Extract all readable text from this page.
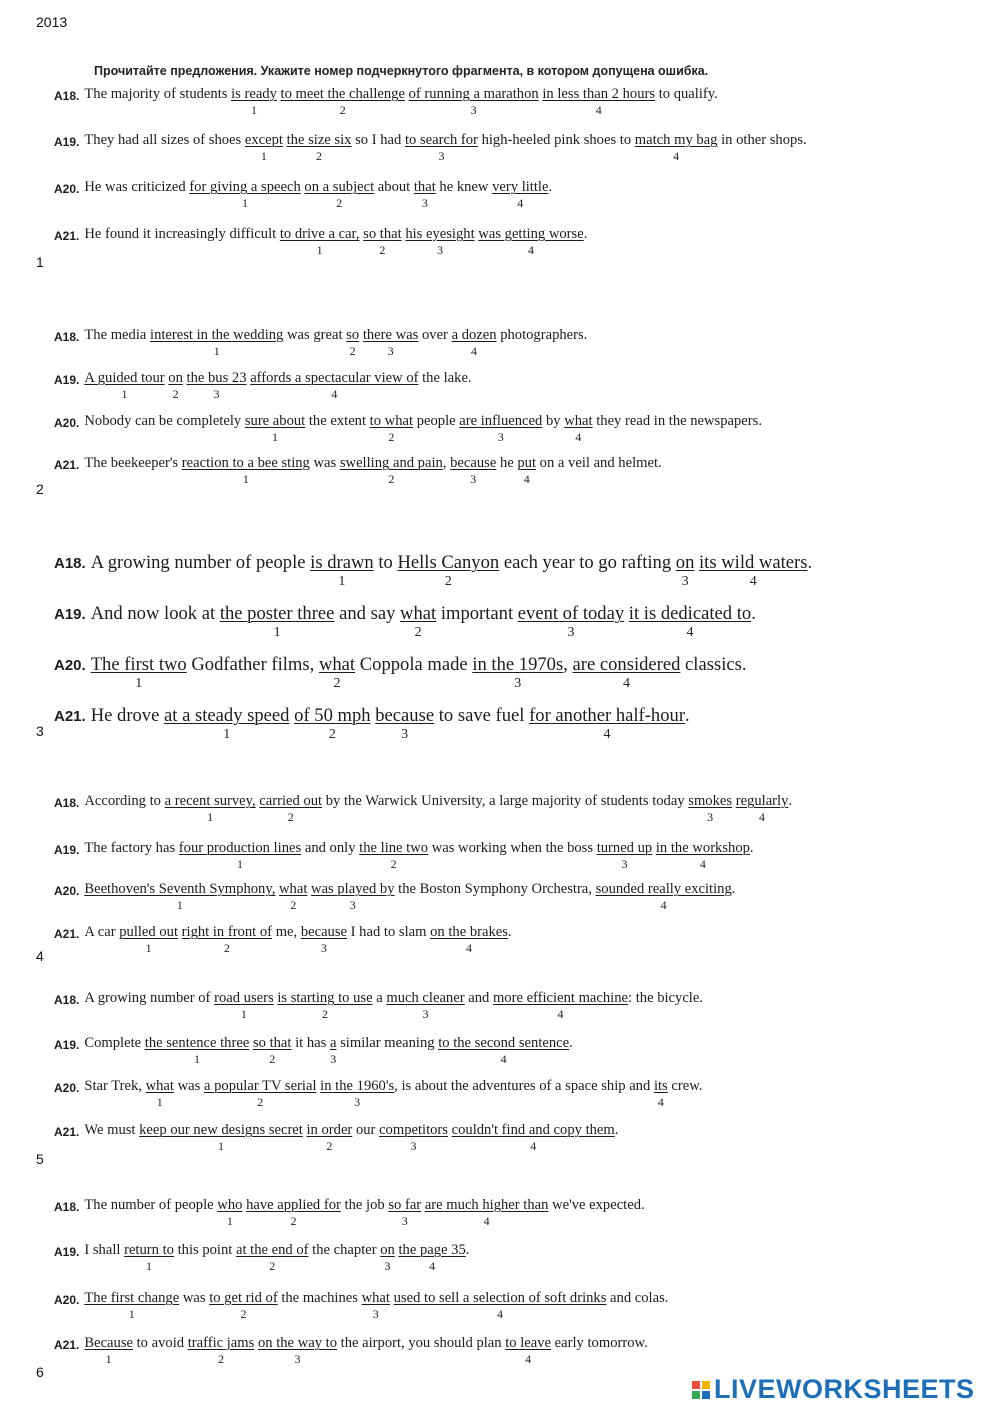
2013
Прочитайте предложения. Укажите номер подчеркнутого фрагмента, в котором допущена ошибка.
A18. The majority of students is ready
1

to meet the challenge
2

of running a marathon
3

in less than 2 hours
4
to qualify.
A19. They had all sizes of shoes except
1

the size six
2
so I had to search for
3
high-heeled pink shoes to match my bag
4
in other shops.
A20. He was criticized for giving a speech
1

on a subject
2
about that
3
he knew very little
4
.
A21. He found it increasingly difficult to drive a car,
1

so that
2

his eyesight
3

was getting worse
4
.
1
A18. The media interest in the wedding
1
was great so
2

there was
3
over a dozen
4
photographers.
A19. A guided tour
1

on
2

the bus 23
3

affords a spectacular view of
4
the lake.
A20. Nobody can be completely sure about
1
the extent to what
2
people are influenced
3
by what
4
they read in the newspapers.
A21. The beekeeper's reaction to a bee sting
1
was swelling and pain
2
, because
3
he put
4
on a veil and helmet.
2
A18. A growing number of people is drawn
1
to Hells Canyon
2
each year to go rafting on
3

its wild waters
4
.
A19. And now look at the poster three
1
and say what
2
important event of today
3

it is dedicated to
4
.
A20. The first two
1
Godfather films, what
2
Coppola made in the 1970s
3
, are considered
4
classics.
A21. He drove at a steady speed
1

of 50 mph
2

because
3
to save fuel for another half-hour
4
.
3
A18. According to a recent survey,
1

carried out
2
by the Warwick University, a large majority of students today smokes
3

regularly
4
.
A19. The factory has four production lines
1
and only the line two
2
was working when the boss turned up
3

in the workshop
4
.
A20. Beethoven's Seventh Symphony,
1

what
2

was played by
3
the Boston Symphony Orchestra, sounded really exciting
4
.
A21. A car pulled out
1

right in front of
2
me, because
3
I had to slam on the brakes
4
.
4
A18. A growing number of road users
1

is starting to use
2
a much cleaner
3
and more efficient machine
4
: the bicycle.
A19. Complete the sentence three
1

so that
2
it has a
3
similar meaning to the second sentence
4
.
A20. Star Trek, what
1
was a popular TV serial
2

in the 1960's
3
, is about the adventures of a space ship and its
4
crew.
A21. We must keep our new designs secret
1

in order
2
our competitors
3

couldn't find and copy them
4
.
5
A18. The number of people who
1

have applied for
2
the job so far
3

are much higher than
4
we've expected.
A19. I shall return to
1
this point at the end of
2
the chapter on
3

the page 35
4
.
A20. The first change
1
was to get rid of
2
the machines what
3

used to sell a selection of soft drinks
4
and colas.
A21. Because
1
to avoid traffic jams
2

on the way to
3
the airport, you should plan to leave
4
early tomorrow.
6
LIVEWORKSHEETS
